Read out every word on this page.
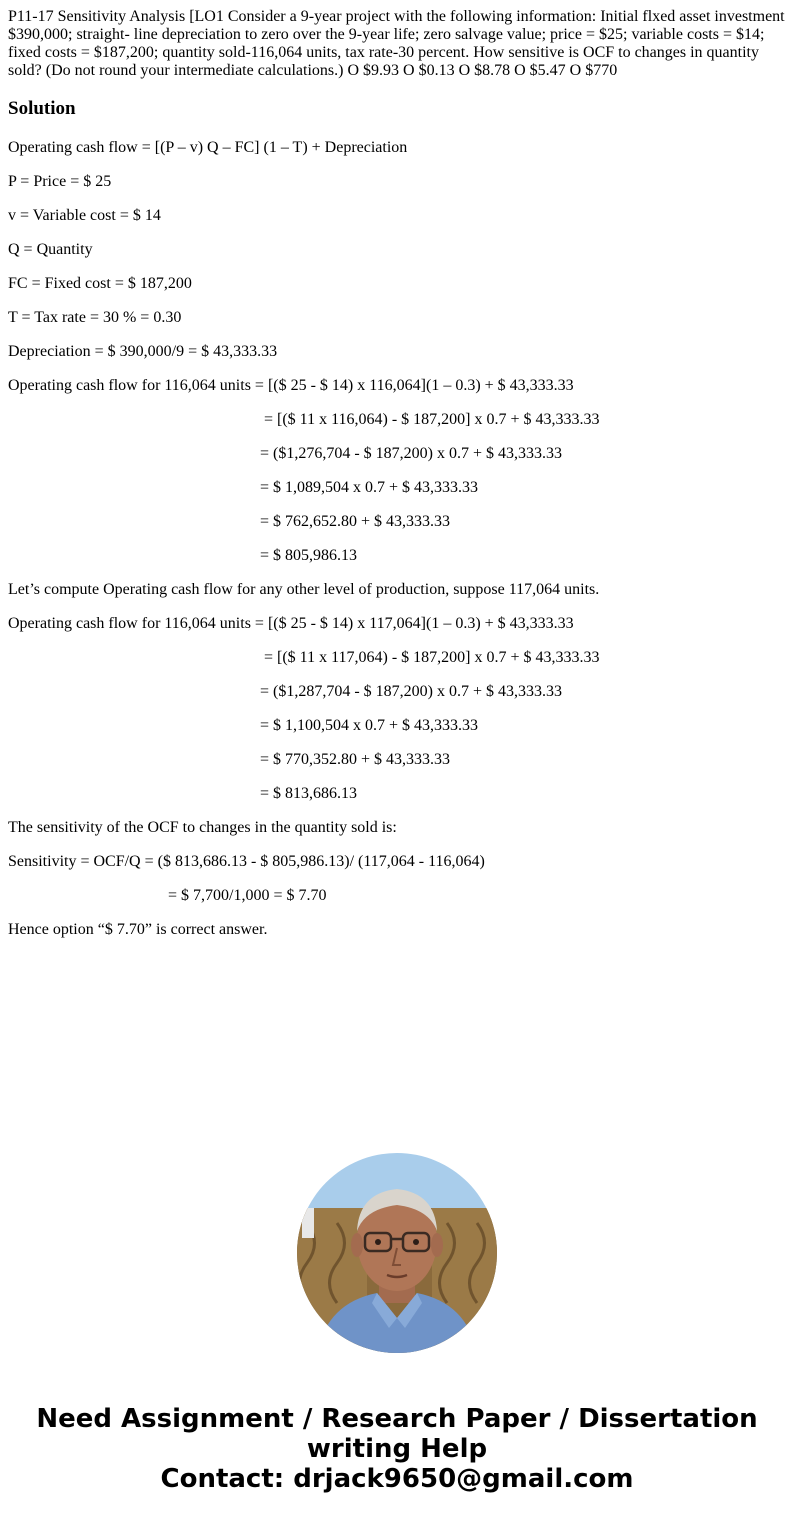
P11-17 Sensitivity Analysis [LO1 Consider a 9-year project with the following information: Initial flxed asset investment $390,000; straight- line depreciation to zero over the 9-year life; zero salvage value; price = $25; variable costs = $14; fixed costs = $187,200; quantity sold-116,064 units, tax rate-30 percent. How sensitive is OCF to changes in quantity sold? (Do not round your intermediate calculations.) O $9.93 O $0.13 O $8.78 O $5.47 O $770

Solution

Operating cash flow = [(P – v) Q – FC] (1 – T) + Depreciation

P = Price = $ 25

v = Variable cost = $ 14

Q = Quantity

FC = Fixed cost = $ 187,200

T = Tax rate = 30 % = 0.30

Depreciation = $ 390,000/9 = $ 43,333.33

Operating cash flow for 116,064 units = [($ 25 - $ 14) x 116,064](1 – 0.3) + $ 43,333.33

= [($ 11 x 116,064) - $ 187,200] x 0.7 + $ 43,333.33

= ($1,276,704 - $ 187,200) x 0.7 + $ 43,333.33

= $ 1,089,504 x 0.7 + $ 43,333.33

= $ 762,652.80 + $ 43,333.33

= $ 805,986.13

Let’s compute Operating cash flow for any other level of production, suppose 117,064 units.

Operating cash flow for 116,064 units = [($ 25 - $ 14) x 117,064](1 – 0.3) + $ 43,333.33

= [($ 11 x 117,064) - $ 187,200] x 0.7 + $ 43,333.33

= ($1,287,704 - $ 187,200) x 0.7 + $ 43,333.33

= $ 1,100,504 x 0.7 + $ 43,333.33

= $ 770,352.80 + $ 43,333.33

= $ 813,686.13

The sensitivity of the OCF to changes in the quantity sold is:

Sensitivity = OCF/Q = ($ 813,686.13 - $ 805,986.13)/ (117,064 - 116,064)

= $ 7,700/1,000 = $ 7.70

Hence option “$ 7.70” is correct answer.

Need Assignment / Research Paper / Dissertation
writing Help
Contact: drjack9650@gmail.com
